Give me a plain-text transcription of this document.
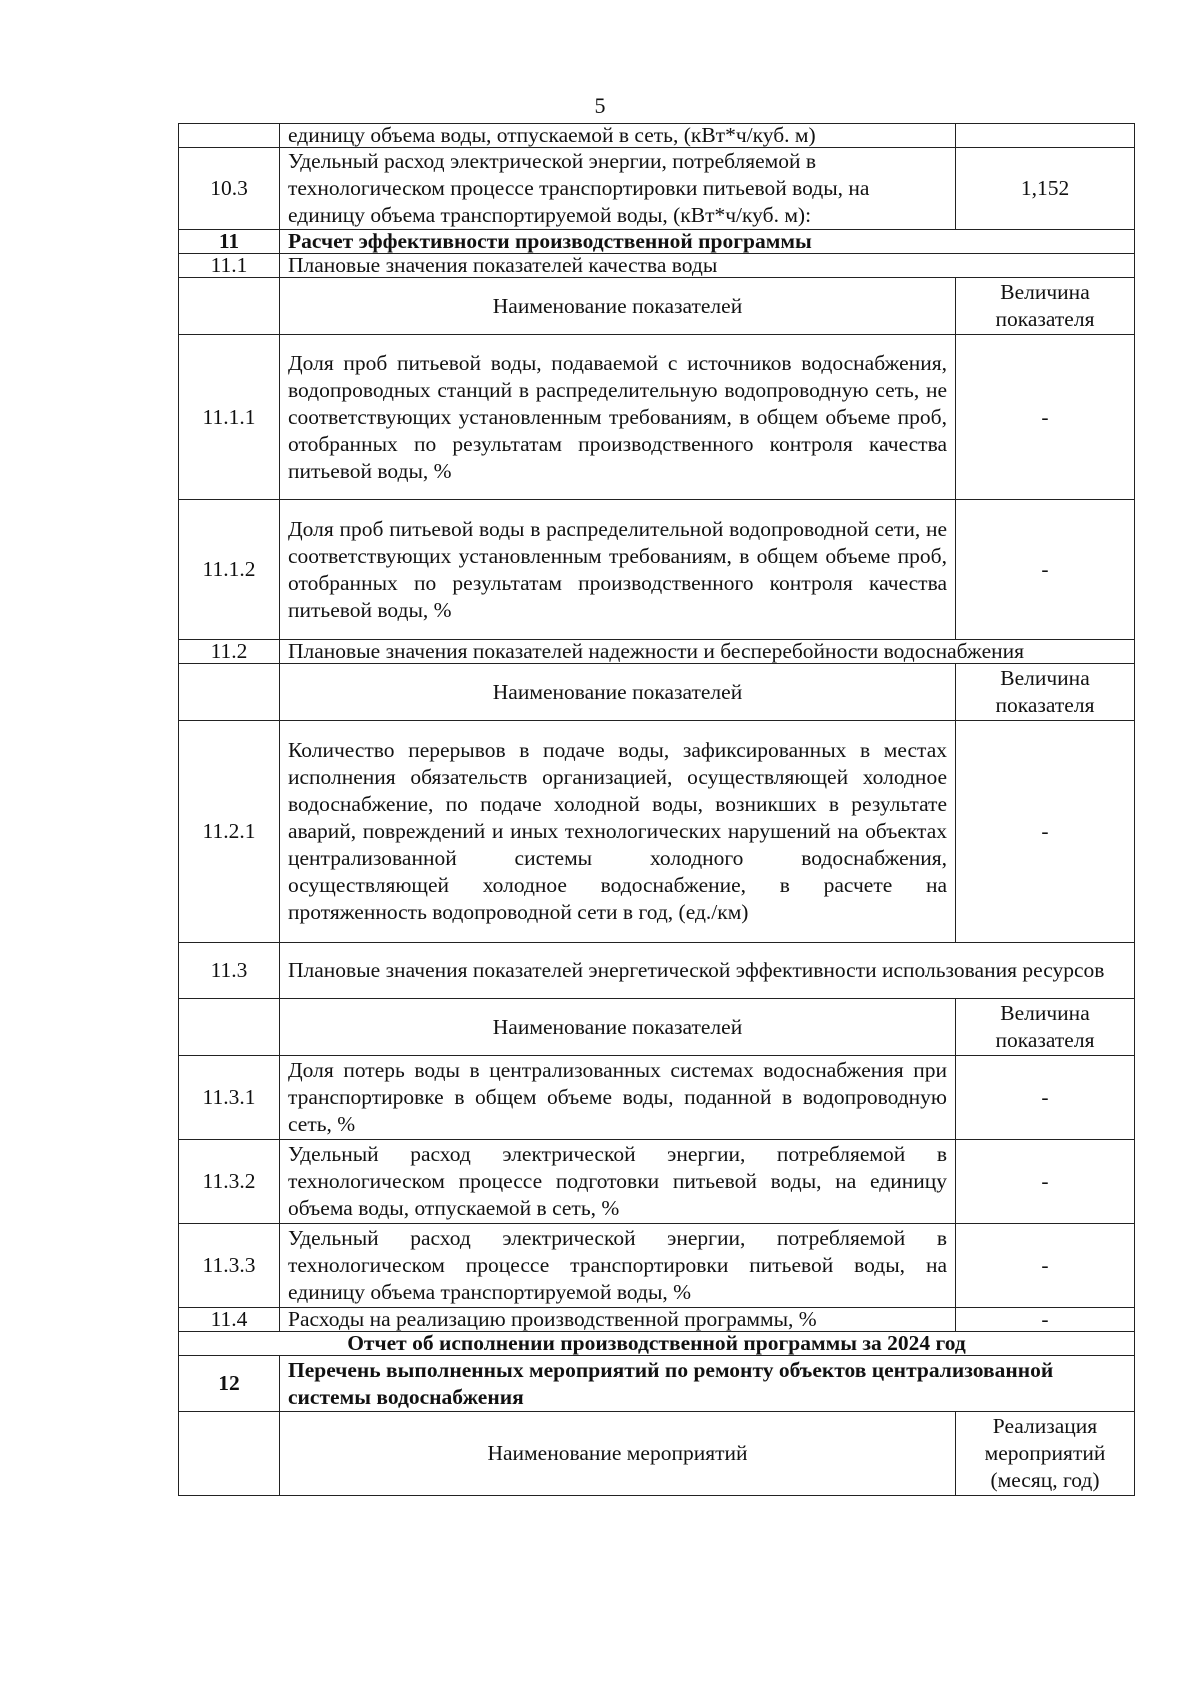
5
	единицу объема воды, отпускаемой в сеть, (кВт*ч/куб. м)	
10.3	Удельный расход электрической энергии, потребляемой в технологическом процессе транспортировки питьевой воды, на единицу объема транспортируемой воды, (кВт*ч/куб. м):	1,152
11	Расчет эффективности производственной программы	
11.1	Плановые значения показателей качества воды	
	Наименование показателей	Величина показателя
11.1.1	Доля проб питьевой воды, подаваемой с источников водоснабжения, водопроводных станций в распределительную водопроводную сеть, не соответствующих установленным требованиям, в общем объеме проб, отобранных по результатам производственного контроля качества питьевой воды, %	-
11.1.2	Доля проб питьевой воды в распределительной водопроводной сети, не соответствующих установленным требованиям, в общем объеме проб, отобранных по результатам производственного контроля качества питьевой воды, %	-
11.2	Плановые значения показателей надежности и бесперебойности водоснабжения	
	Наименование показателей	Величина показателя
11.2.1	Количество перерывов в подаче воды, зафиксированных в местах исполнения обязательств организацией, осуществляющей холодное водоснабжение, по подаче холодной воды, возникших в результате аварий, повреждений и иных технологических нарушений на объектах централизованной системы холодного водоснабжения, осуществляющей холодное водоснабжение, в расчете на протяженность водопроводной сети в год, (ед./км)	-
11.3	Плановые значения показателей энергетической эффективности использования ресурсов	
	Наименование показателей	Величина показателя
11.3.1	Доля потерь воды в централизованных системах водоснабжения при транспортировке в общем объеме воды, поданной в водопроводную сеть, %	-
11.3.2	Удельный расход электрической энергии, потребляемой в технологическом процессе подготовки питьевой воды, на единицу объема воды, отпускаемой в сеть, %	-
11.3.3	Удельный расход электрической энергии, потребляемой в технологическом процессе транспортировки питьевой воды, на единицу объема транспортируемой воды, %	-
11.4	Расходы на реализацию производственной программы, %	-
Отчет об исполнении производственной программы за 2024 год		
12	Перечень выполненных мероприятий по ремонту объектов централизованной системы водоснабжения	
	Наименование мероприятий	Реализация мероприятий (месяц, год)
